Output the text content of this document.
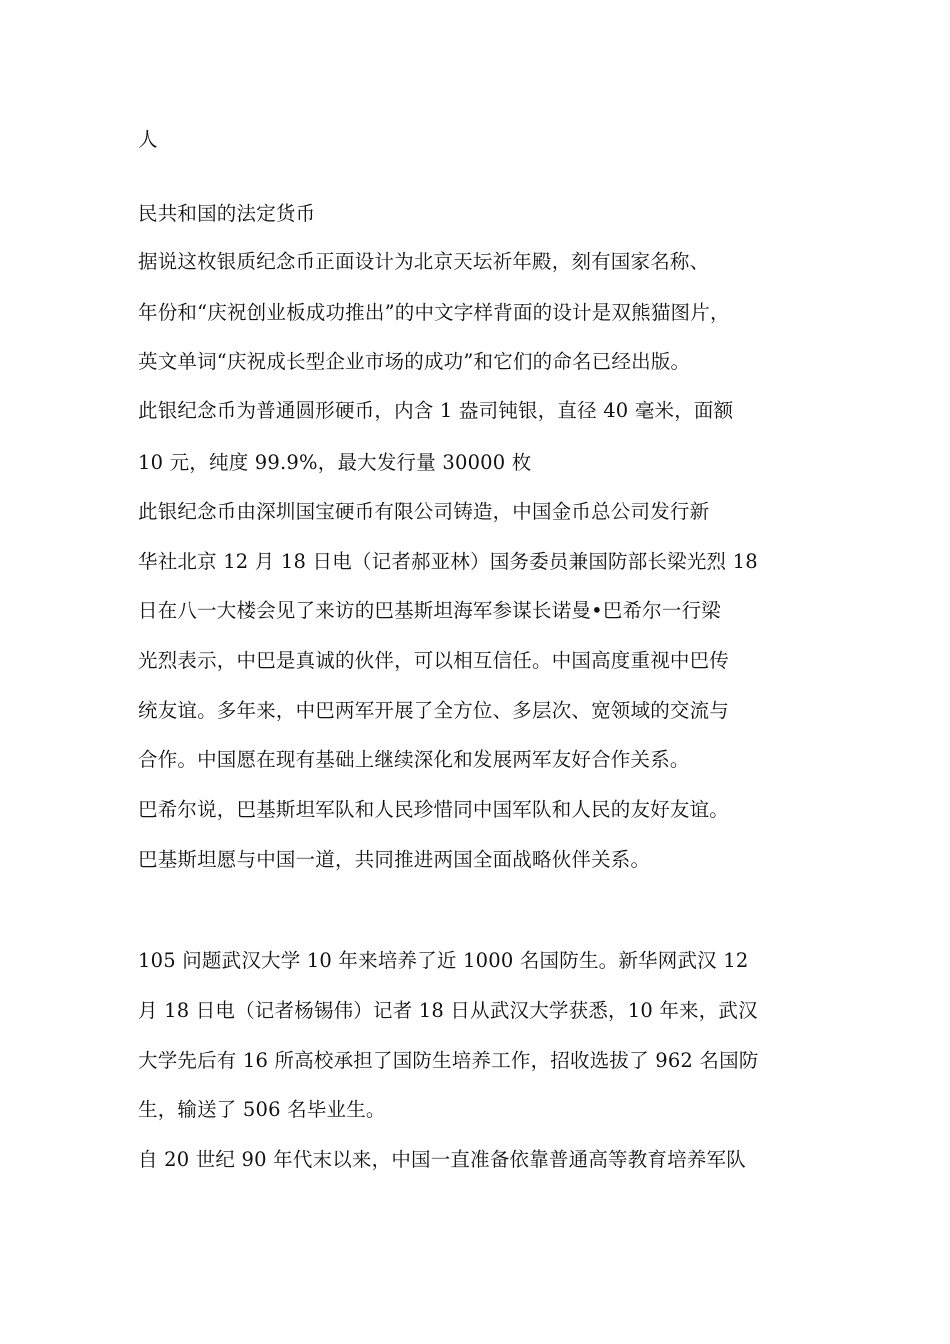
人
民共和国的法定货币
据说这枚银质纪念币正面设计为北京天坛祈年殿，刻有国家名称、
年份和“庆祝创业板成功推出”的中文字样背面的设计是双熊猫图片，
英文单词“庆祝成长型企业市场的成功”和它们的命名已经出版。
此银纪念币为普通圆形硬币，内含 1 盎司钝银，直径 40 毫米，面额
10 元，纯度 99.9%，最大发行量 30000 枚
此银纪念币由深圳国宝硬币有限公司铸造，中国金币总公司发行新
华社北京 12 月 18 日电（记者郝亚林）国务委员兼国防部长梁光烈 18
日在八一大楼会见了来访的巴基斯坦海军参谋长诺曼•巴希尔一行梁
光烈表示，中巴是真诚的伙伴，可以相互信任。中国高度重视中巴传
统友谊。多年来，中巴两军开展了全方位、多层次、宽领域的交流与
合作。中国愿在现有基础上继续深化和发展两军友好合作关系。
巴希尔说，巴基斯坦军队和人民珍惜同中国军队和人民的友好友谊。
巴基斯坦愿与中国一道，共同推进两国全面战略伙伴关系。
105 问题武汉大学 10 年来培养了近 1000 名国防生。新华网武汉 12
月 18 日电（记者杨锡伟）记者 18 日从武汉大学获悉，10 年来，武汉
大学先后有 16 所高校承担了国防生培养工作，招收选拔了 962 名国防
生，输送了 506 名毕业生。
自 20 世纪 90 年代末以来，中国一直准备依靠普通高等教育培养军队
